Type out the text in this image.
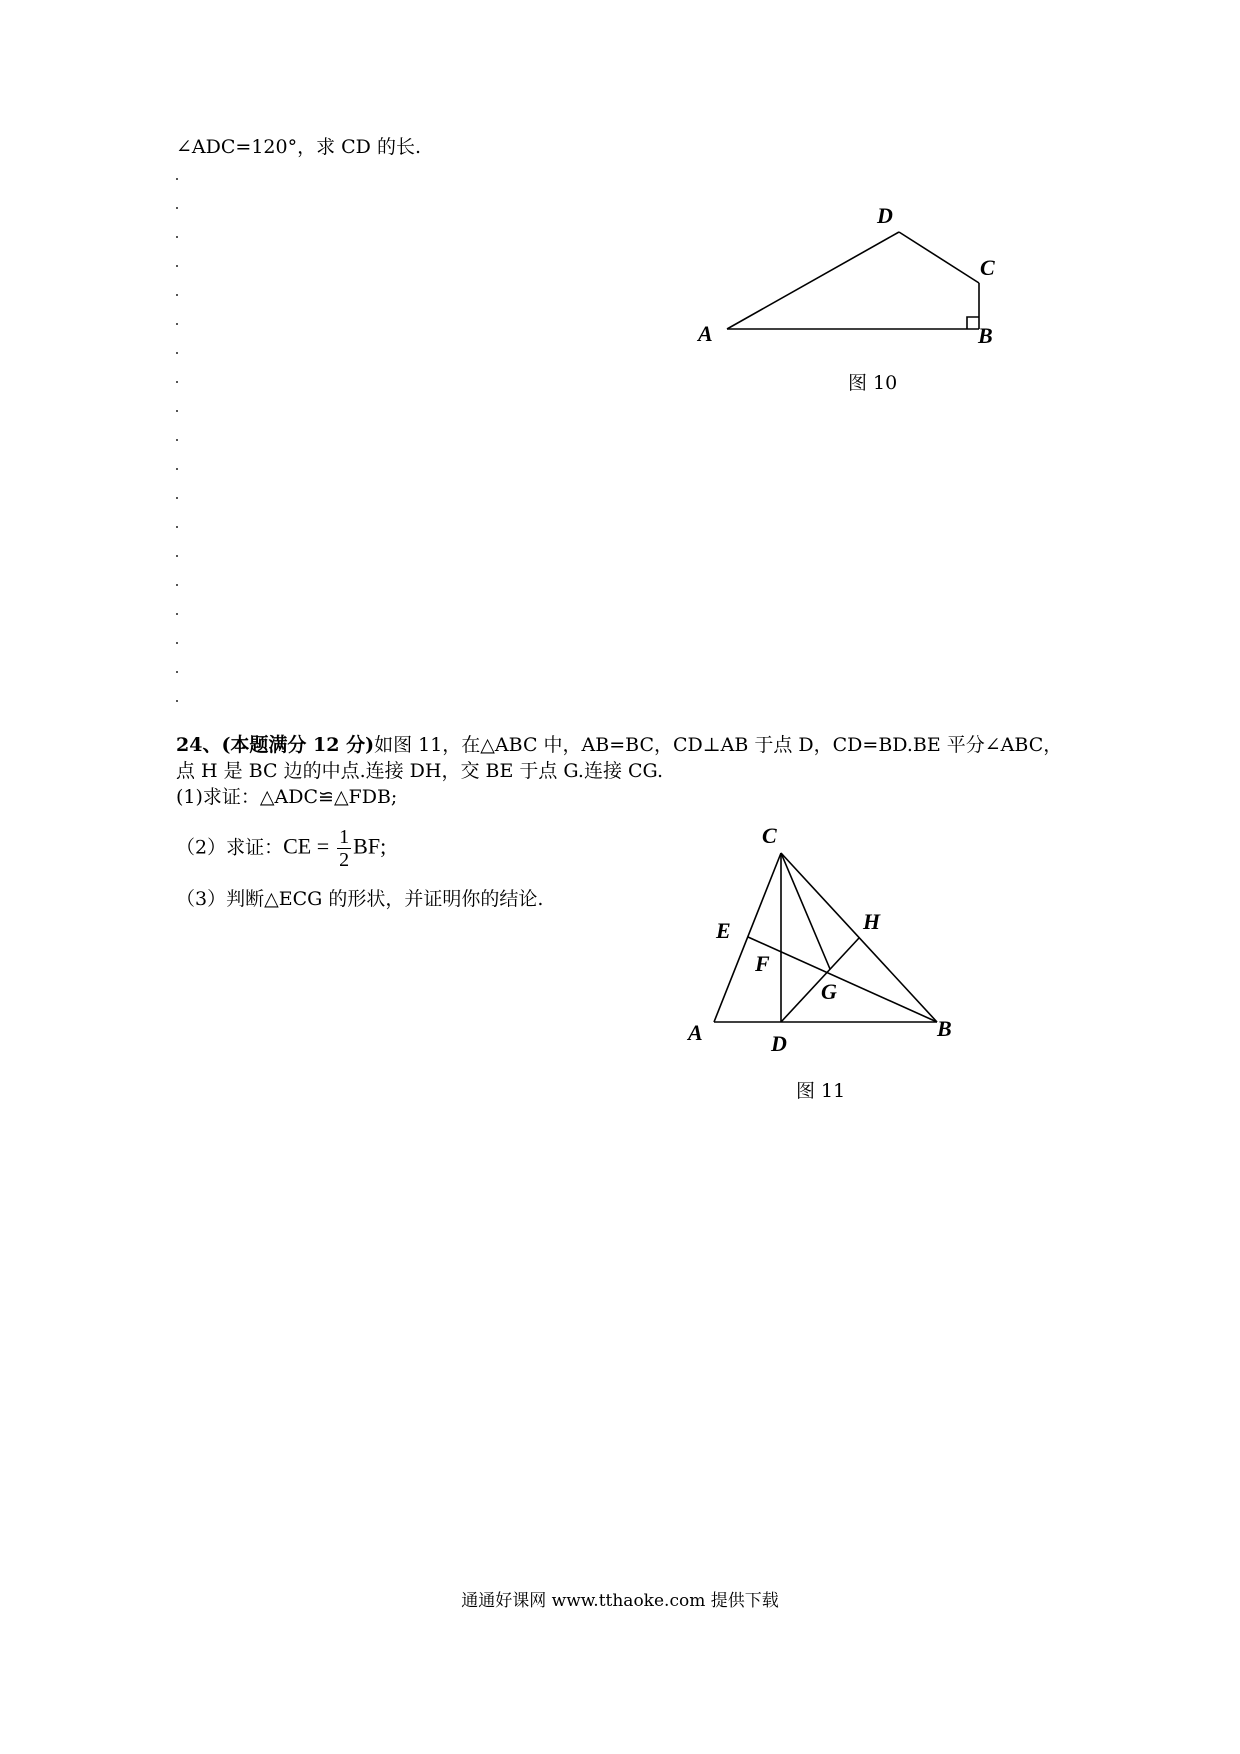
∠ADC=120°，求 CD 的长.
A	B
C
D
图 10
24、(本题满分 12 分)如图 11，在△ABC 中，AB=BC，CD⊥AB 于点 D，CD=BD.BE 平分∠ABC，
点 H 是 BC 边的中点.连接 DH，交 BE 于点 G.连接 CG.
(1)求证：△ADC≌△FDB;
（2）求证：CE = $\frac{1}{2}$ BF;
（3）判断△ECG 的形状，并证明你的结论.
C
E	H
F
G
A	D
B
图 11
通通好课网 www.tthaoke.com 提供下载
